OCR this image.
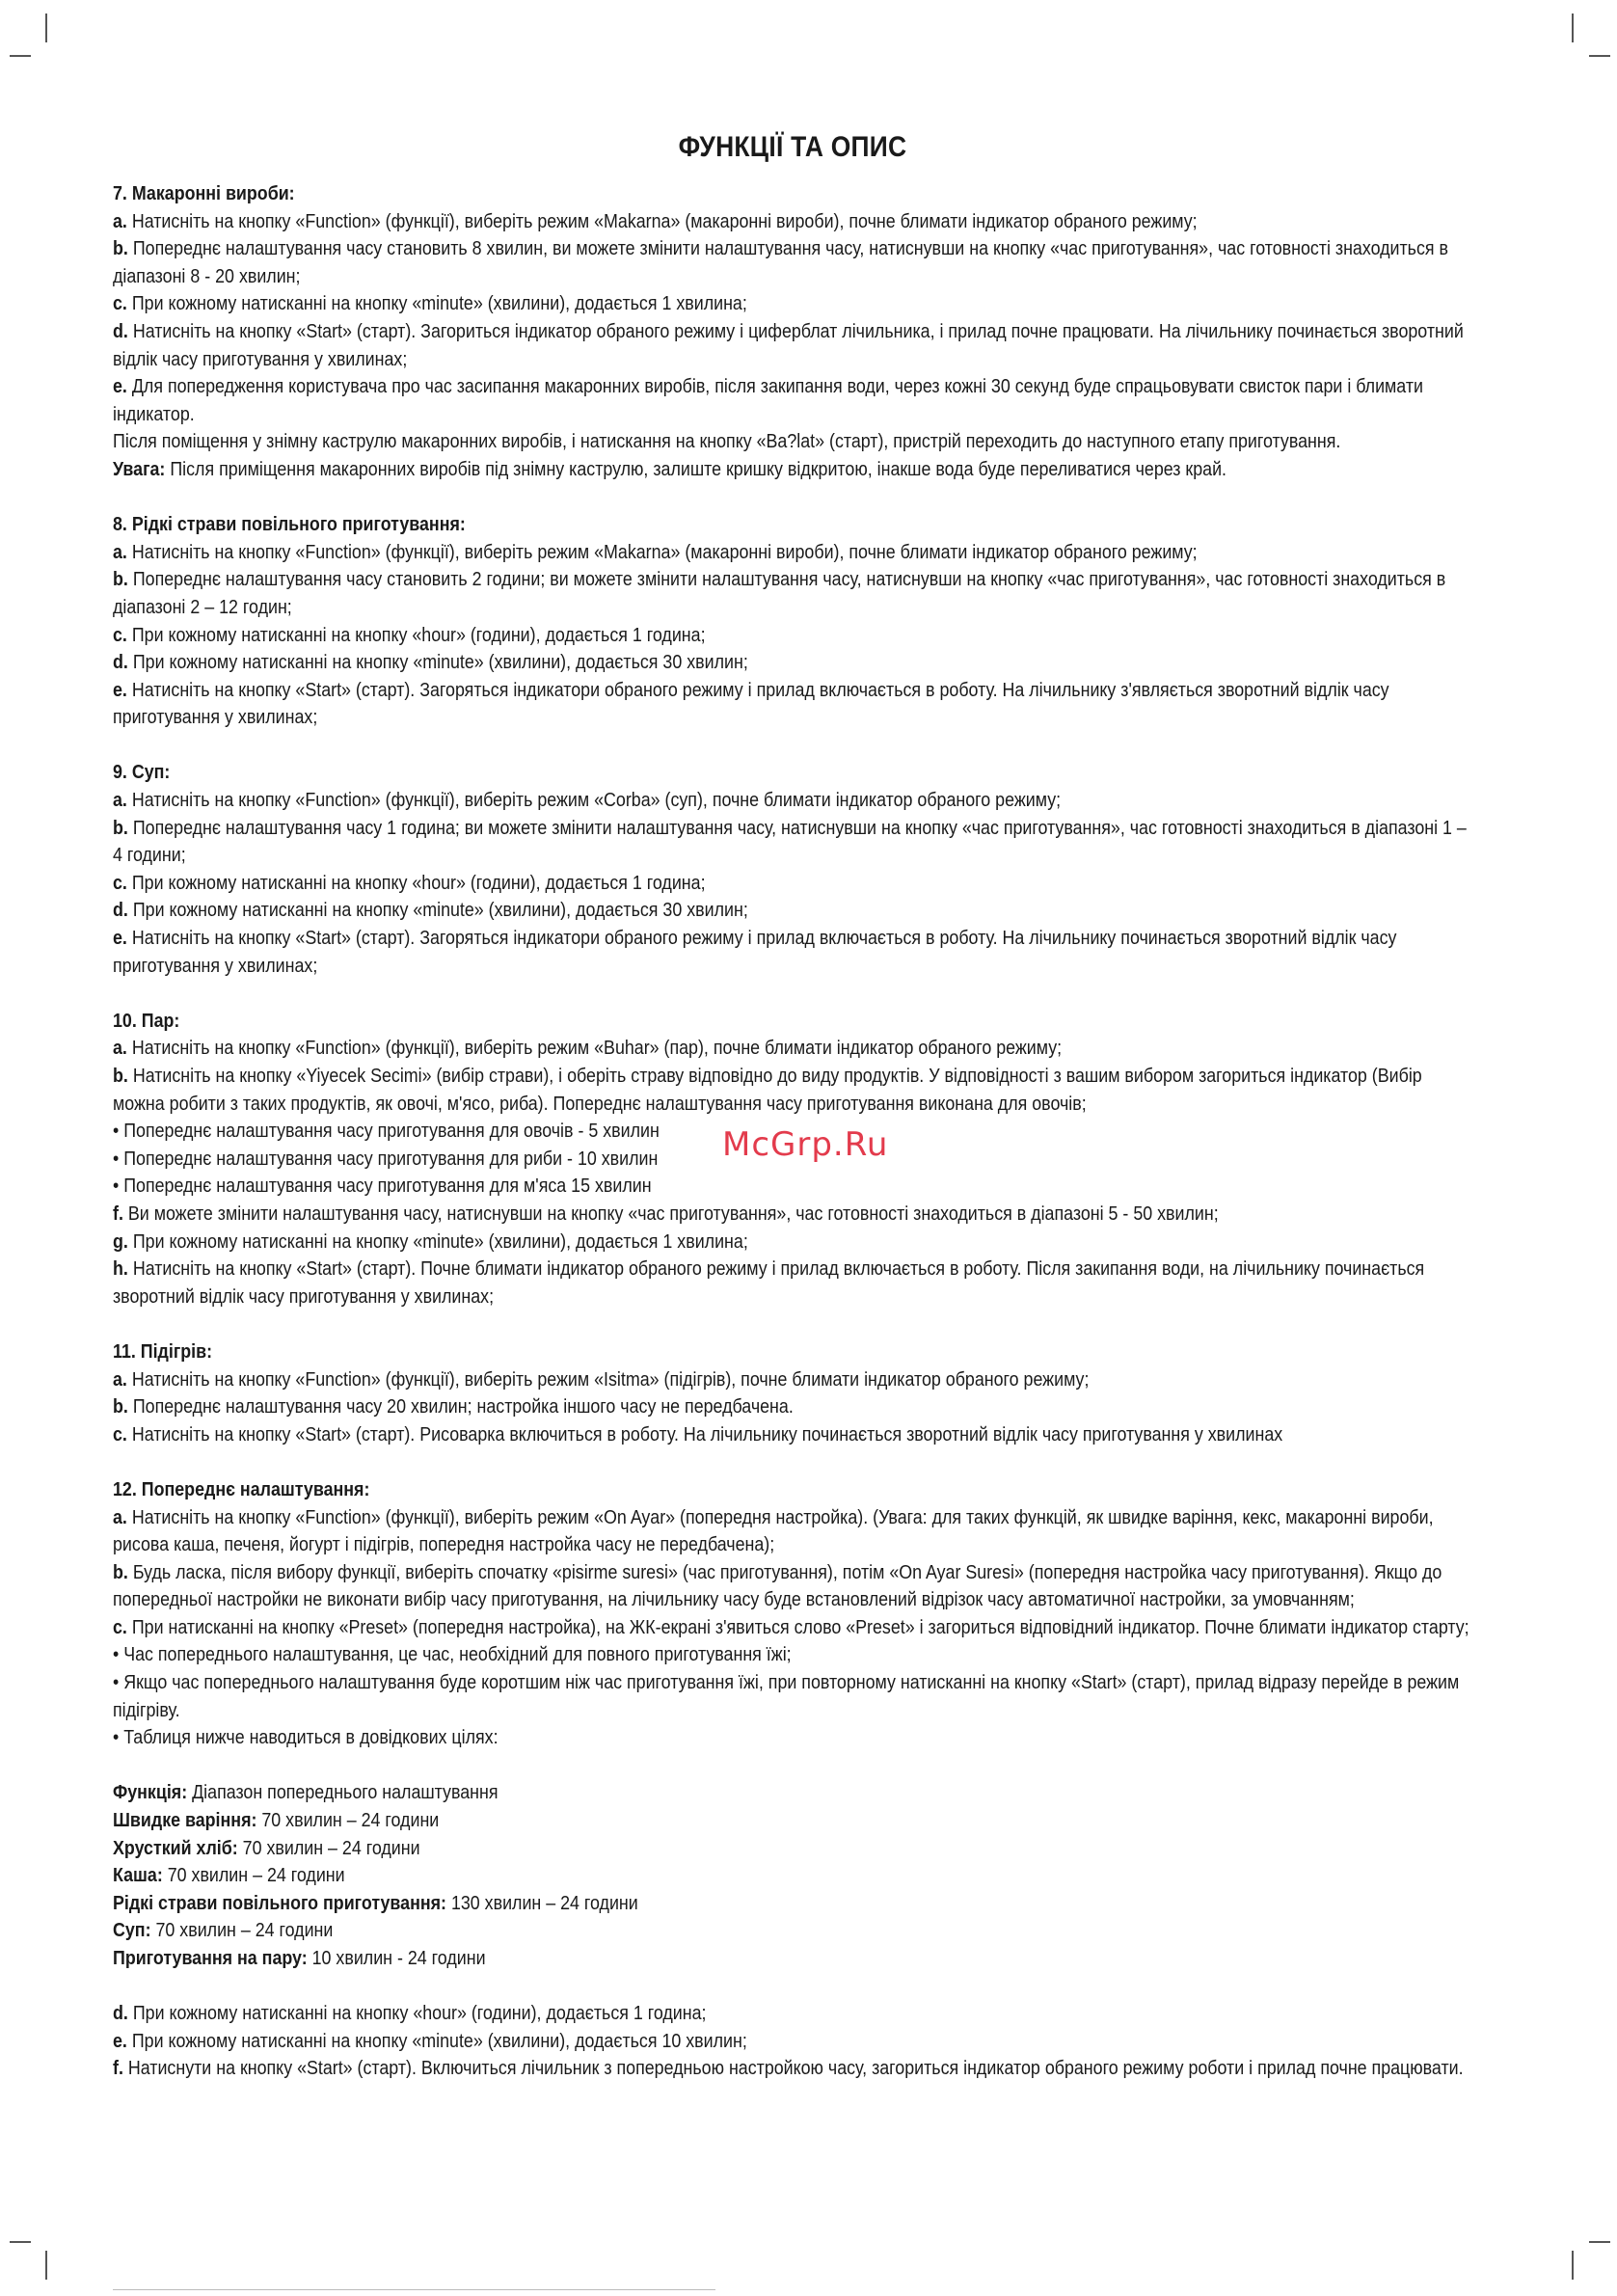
ФУНКЦІЇ ТА ОПИС
7. Макаронні вироби:
a. Натисніть на кнопку «Function» (функції), виберіть режим «Makarna» (макаронні вироби), почне блимати індикатор обраного режиму;
b. Попереднє налаштування часу становить 8 хвилин, ви можете змінити налаштування часу, натиснувши на кнопку «час приготування», час готовності знаходиться в діапазоні 8 - 20 хвилин;
c. При кожному натисканні на кнопку «minute» (хвилини), додається 1 хвилина;
d. Натисніть на кнопку «Start» (старт). Загориться індикатор обраного режиму і циферблат лічильника, і прилад почне працювати. На лічильнику починається зворотний відлік часу приготування у хвилинах;
e. Для попередження користувача про час засипання макаронних виробів, після закипання води, через кожні 30 секунд буде спрацьовувати свисток пари і блимати індикатор.
Після поміщення у знімну каструлю макаронних виробів, і натискання на кнопку «Ba?lat» (старт), пристрій переходить до наступного етапу приготування.
Увага: Після приміщення макаронних виробів під знімну каструлю, залиште кришку відкритою, інакше вода буде переливатися через край.
8. Рідкі страви повільного приготування:
a. Натисніть на кнопку «Function» (функції), виберіть режим «Makarna» (макаронні вироби), почне блимати індикатор обраного режиму;
b. Попереднє налаштування часу становить 2 години; ви можете змінити налаштування часу, натиснувши на кнопку «час приготування», час готовності знаходиться в діапазоні 2 – 12 годин;
c. При кожному натисканні на кнопку «hour» (години), додається 1 година;
d. При кожному натисканні на кнопку «minute» (хвилини), додається 30 хвилин;
e. Натисніть на кнопку «Start» (старт). Загоряться індикатори обраного режиму і прилад включається в роботу. На лічильнику з'являється зворотний відлік часу приготування у хвилинах;
9. Суп:
a. Натисніть на кнопку «Function» (функції), виберіть режим «Corba» (суп), почне блимати індикатор обраного режиму;
b. Попереднє налаштування часу 1 година; ви можете змінити налаштування часу, натиснувши на кнопку «час приготування», час готовності знаходиться в діапазоні 1 – 4 години;
c. При кожному натисканні на кнопку «hour» (години), додається 1 година;
d. При кожному натисканні на кнопку «minute» (хвилини), додається 30 хвилин;
e. Натисніть на кнопку «Start» (старт). Загоряться індикатори обраного режиму і прилад включається в роботу. На лічильнику починається зворотний відлік часу приготування у хвилинах;
10. Пар:
a. Натисніть на кнопку «Function» (функції), виберіть режим «Buhar» (пар), почне блимати індикатор обраного режиму;
b. Натисніть на кнопку «Yiyecek Secimi» (вибір страви), і оберіть страву відповідно до виду продуктів. У відповідності з вашим вибором загориться індикатор (Вибір можна робити з таких продуктів, як овочі, м'ясо, риба). Попереднє налаштування часу приготування виконана для овочів;
• Попереднє налаштування часу приготування для овочів - 5 хвилин
• Попереднє налаштування часу приготування для риби - 10 хвилин
• Попереднє налаштування часу приготування для м'яса 15 хвилин
f. Ви можете змінити налаштування часу, натиснувши на кнопку «час приготування», час готовності знаходиться в діапазоні 5 - 50 хвилин;
g. При кожному натисканні на кнопку «minute» (хвилини), додається 1 хвилина;
h. Натисніть на кнопку «Start» (старт). Почне блимати індикатор обраного режиму і прилад включається в роботу. Після закипання води, на лічильнику починається зворотний відлік часу приготування у хвилинах;
11. Підігрів:
a. Натисніть на кнопку «Function» (функції), виберіть режим «Isitma» (підігрів), почне блимати індикатор обраного режиму;
b. Попереднє налаштування часу 20 хвилин; настройка іншого часу не передбачена.
c. Натисніть на кнопку «Start» (старт). Рисоварка включиться в роботу. На лічильнику починається зворотний відлік часу приготування у хвилинах
12. Попереднє налаштування:
a. Натисніть на кнопку «Function» (функції), виберіть режим «On Ayar» (попередня настройка). (Увага: для таких функцій, як швидке варіння, кекс, макаронні вироби, рисова каша, печеня, йогурт і підігрів, попередня настройка часу не передбачена);
b. Будь ласка, після вибору функції, виберіть спочатку «pisirme suresi» (час приготування), потім «On Ayar Suresi» (попередня настройка часу приготування). Якщо до попередньої настройки не виконати вибір часу приготування, на лічильнику часу буде встановлений відрізок часу автоматичної настройки, за умовчанням;
c. При натисканні на кнопку «Preset» (попередня настройка), на ЖК-екрані з'явиться слово «Preset» і загориться відповідний індикатор. Почне блимати індикатор старту;
• Час попереднього налаштування, це час, необхідний для повного приготування їжі;
• Якщо час попереднього налаштування буде коротшим ніж час приготування їжі, при повторному натисканні на кнопку «Start» (старт), прилад відразу перейде в режим підігріву.
• Таблиця нижче наводиться в довідкових цілях:
Функція: Діапазон попереднього налаштування
Швидке варіння: 70 хвилин – 24 години
Хрусткий хліб: 70 хвилин – 24 години
Каша: 70 хвилин – 24 години
Рідкі страви повільного приготування: 130 хвилин – 24 години
Суп: 70 хвилин – 24 години
Приготування на пару: 10 хвилин - 24 години
d. При кожному натисканні на кнопку «hour» (години), додається 1 година;
e. При кожному натисканні на кнопку «minute» (хвилини), додається 10 хвилин;
f. Натиснути на кнопку «Start» (старт). Включиться лічильник з попередньою настройкою часу, загориться індикатор обраного режиму роботи і прилад почне працювати.
McGrp.Ru
